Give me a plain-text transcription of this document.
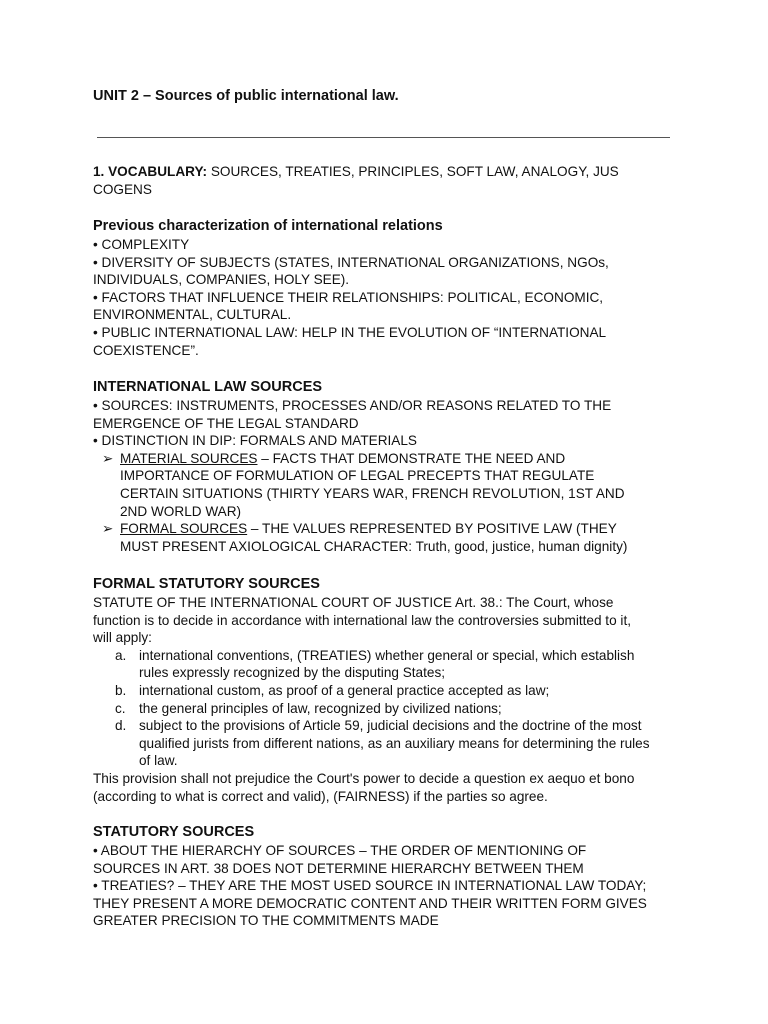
UNIT 2 – Sources of public international law.
1. VOCABULARY: SOURCES, TREATIES, PRINCIPLES, SOFT LAW, ANALOGY, JUS
COGENS
Previous characterization of international relations
• COMPLEXITY
• DIVERSITY OF SUBJECTS (STATES, INTERNATIONAL ORGANIZATIONS, NGOs,
INDIVIDUALS, COMPANIES, HOLY SEE).
• FACTORS THAT INFLUENCE THEIR RELATIONSHIPS: POLITICAL, ECONOMIC,
ENVIRONMENTAL, CULTURAL.
• PUBLIC INTERNATIONAL LAW: HELP IN THE EVOLUTION OF “INTERNATIONAL
COEXISTENCE”.
INTERNATIONAL LAW SOURCES
• SOURCES: INSTRUMENTS, PROCESSES AND/OR REASONS RELATED TO THE
EMERGENCE OF THE LEGAL STANDARD
• DISTINCTION IN DIP: FORMALS AND MATERIALS
➢ MATERIAL SOURCES – FACTS THAT DEMONSTRATE THE NEED AND
IMPORTANCE OF FORMULATION OF LEGAL PRECEPTS THAT REGULATE
CERTAIN SITUATIONS (THIRTY YEARS WAR, FRENCH REVOLUTION, 1ST AND
2ND WORLD WAR)
➢ FORMAL SOURCES – THE VALUES REPRESENTED BY POSITIVE LAW (THEY
MUST PRESENT AXIOLOGICAL CHARACTER: Truth, good, justice, human dignity)
FORMAL STATUTORY SOURCES
STATUTE OF THE INTERNATIONAL COURT OF JUSTICE Art. 38.: The Court, whose
function is to decide in accordance with international law the controversies submitted to it,
will apply:
a. international conventions, (TREATIES) whether general or special, which establish
rules expressly recognized by the disputing States;
b. international custom, as proof of a general practice accepted as law;
c. the general principles of law, recognized by civilized nations;
d. subject to the provisions of Article 59, judicial decisions and the doctrine of the most
qualified jurists from different nations, as an auxiliary means for determining the rules
of law.
This provision shall not prejudice the Court's power to decide a question ex aequo et bono
(according to what is correct and valid), (FAIRNESS) if the parties so agree.
STATUTORY SOURCES
• ABOUT THE HIERARCHY OF SOURCES – THE ORDER OF MENTIONING OF
SOURCES IN ART. 38 DOES NOT DETERMINE HIERARCHY BETWEEN THEM
• TREATIES? – THEY ARE THE MOST USED SOURCE IN INTERNATIONAL LAW TODAY;
THEY PRESENT A MORE DEMOCRATIC CONTENT AND THEIR WRITTEN FORM GIVES
GREATER PRECISION TO THE COMMITMENTS MADE
